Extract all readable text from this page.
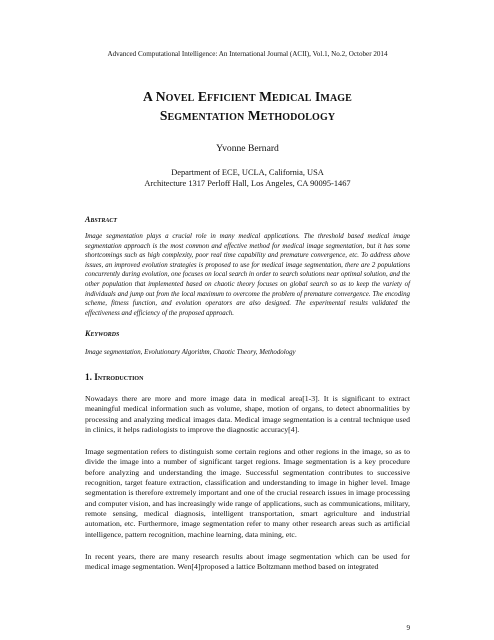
Advanced Computational Intelligence: An International Journal (ACII), Vol.1, No.2, October 2014

A Novel Efficient Medical Image
Segmentation Methodology

Yvonne Bernard

Department of ECE, UCLA, California, USA
Architecture 1317 Perloff Hall, Los Angeles, CA 90095-1467

Abstract

Image segmentation plays a crucial role in many medical applications. The threshold based medical image segmentation approach is the most common and effective method for medical image segmentation, but it has some shortcomings such as high complexity, poor real time capability and premature convergence, etc. To address above issues, an improved evolution strategies is proposed to use for medical image segmentation, there are 2 populations concurrently during evolution, one focuses on local search in order to search solutions near optimal solution, and the other population that implemented based on chaotic theory focuses on global search so as to keep the variety of individuals and jump out from the local maximum to overcome the problem of premature convergence. The encoding scheme, fitness function, and evolution operators are also designed. The experimental results validated the effectiveness and efficiency of the proposed approach.

Keywords

Image segmentation, Evolutionary Algorithm, Chaotic Theory, Methodology

1. Introduction

Nowadays there are more and more image data in medical area[1-3]. It is significant to extract meaningful medical information such as volume, shape, motion of organs, to detect abnormalities by processing and analyzing medical images data. Medical image segmentation is a central technique used in clinics, it helps radiologists to improve the diagnostic accuracy[4].

Image segmentation refers to distinguish some certain regions and other regions in the image, so as to divide the image into a number of significant target regions. Image segmentation is a key procedure before analyzing and understanding the image. Successful segmentation contributes to successive recognition, target feature extraction, classification and understanding to image in higher level. Image segmentation is therefore extremely important and one of the crucial research issues in image processing and computer vision, and has increasingly wide range of applications, such as communications, military, remote sensing, medical diagnosis, intelligent transportation, smart agriculture and industrial automation, etc. Furthermore, image segmentation refer to many other research areas such as artificial intelligence, pattern recognition, machine learning, data mining, etc.

In recent years, there are many research results about image segmentation which can be used for medical image segmentation. Wen[4]proposed a lattice Boltzmann method based on integrated

9
